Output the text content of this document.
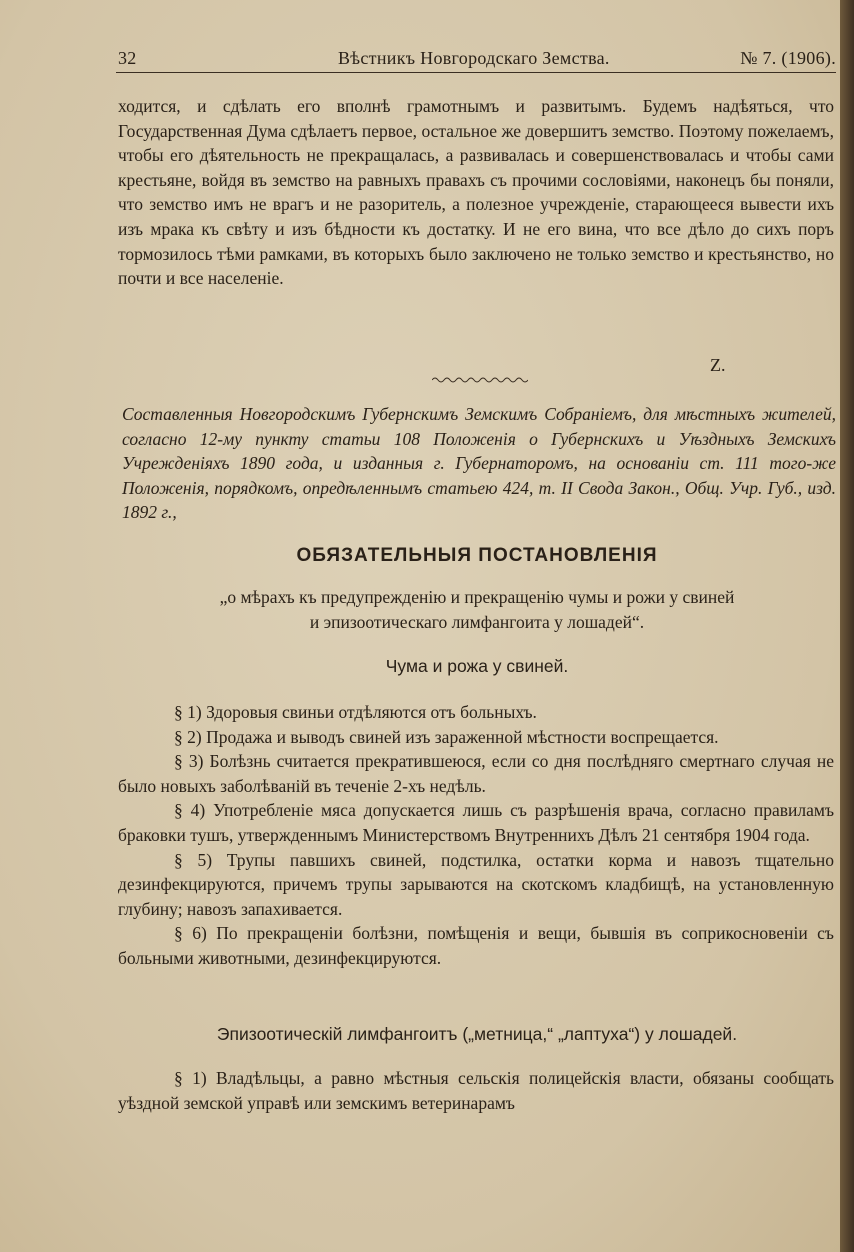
32	Вѣстникъ Новгородскаго Земства.	№ 7. (1906).
ходится, и сдѣлать его вполнѣ грамотнымъ и развитымъ. Будемъ надѣяться, что Государственная Дума сдѣлаетъ первое, остальное же довершитъ земство. Поэтому пожелаемъ, чтобы его дѣятельность не прекращалась, а развивалась и совершенствовалась и чтобы сами крестьяне, войдя въ земство на равныхъ правахъ съ прочими сословіями, наконецъ бы поняли, что земство имъ не врагъ и не разоритель, а полезное учрежденіе, старающееся вывести ихъ изъ мрака къ свѣту и изъ бѣдности къ достатку. И не его вина, что все дѣло до сихъ поръ тормозилось тѣми рамками, въ которыхъ было заключено не только земство и крестьянство, но почти и все населеніе.
Z.
Составленныя Новгородскимъ Губернскимъ Земскимъ Собраніемъ, для мѣстныхъ жителей, согласно 12-му пункту статьи 108 Положенія о Губернскихъ и Уѣздныхъ Земскихъ Учрежденіяхъ 1890 года, и изданныя г. Губернаторомъ, на основаніи ст. 111 того-же Положенія, порядкомъ, опредѣленнымъ статьею 424, т. II Свода Закон., Общ. Учр. Губ., изд. 1892 г.,
ОБЯЗАТЕЛЬНЫЯ ПОСТАНОВЛЕНІЯ
„о мѣрахъ къ предупрежденію и прекращенію чумы и рожи у свиней
и эпизоотическаго лимфангоита у лошадей“.
Чума и рожа у свиней.

§ 1) Здоровыя свиньи отдѣляются отъ больныхъ.

§ 2) Продажа и выводъ свиней изъ зараженной мѣстности воспрещается.

§ 3) Болѣзнь считается прекратившеюся, если со дня послѣдняго смертнаго случая не было новыхъ заболѣваній въ теченіе 2-хъ недѣль.

§ 4) Употребленіе мяса допускается лишь съ разрѣшенія врача, согласно правиламъ браковки тушъ, утвержденнымъ Министерствомъ Внутреннихъ Дѣлъ 21 сентября 1904 года.

§ 5) Трупы павшихъ свиней, подстилка, остатки корма и навозъ тщательно дезинфекцируются, причемъ трупы зарываются на скотскомъ кладбищѣ, на установленную глубину; навозъ запахивается.

§ 6) По прекращеніи болѣзни, помѣщенія и вещи, бывшія въ соприкосновеніи съ больными животными, дезинфекцируются.

Эпизоотическій лимфангоитъ („метница,“ „лаптуха“) у лошадей.

§ 1) Владѣльцы, а равно мѣстныя сельскія полицейскія власти, обязаны сообщать уѣздной земской управѣ или земскимъ ветеринарамъ
